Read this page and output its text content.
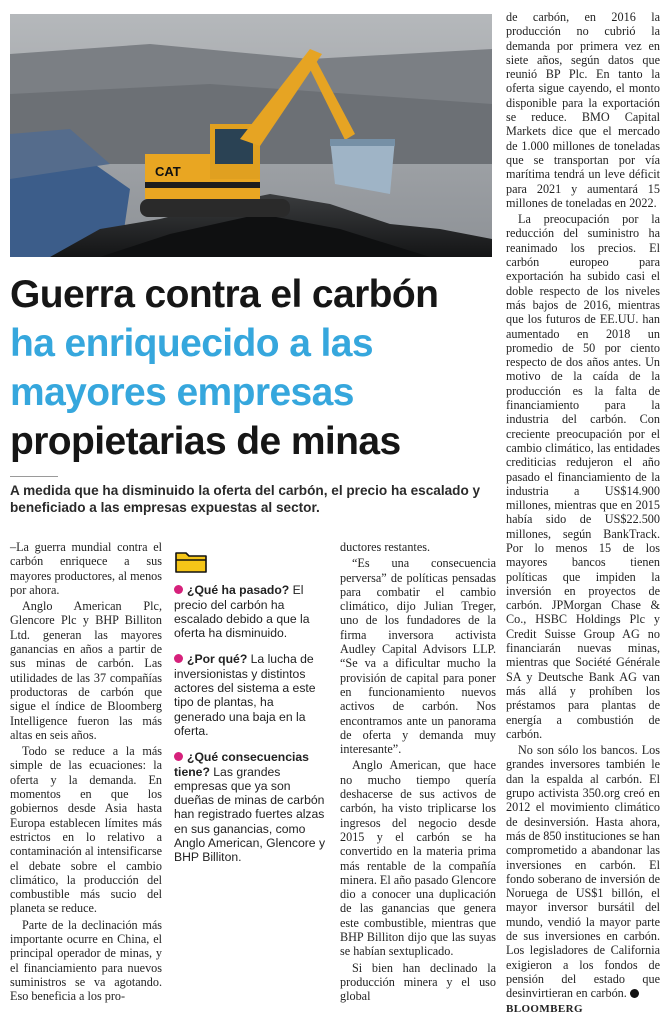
CAT
Guerra contra el carbón
ha enriquecido a las
mayores empresas
propietarias de minas

A medida que ha disminuido la oferta del carbón, el precio ha escalado y beneficiado a las empresas expuestas al sector.

–La guerra mundial contra el carbón enriquece a sus mayores productores, al menos por ahora.

Anglo American Plc, Glencore Plc y BHP Billiton Ltd. generan las mayores ganancias en años a partir de sus minas de carbón. Las utilidades de las 37 compañías productoras de carbón que sigue el índice de Bloomberg Intelligence fueron las más altas en seis años.

Todo se reduce a la más simple de las ecuaciones: la oferta y la demanda. En momentos en que los gobiernos desde Asia hasta Europa establecen límites más estrictos en lo relativo a contaminación al intensificarse el debate sobre el cambio climático, la producción del combustible más sucio del planeta se reduce.

Parte de la declinación más importante ocurre en China, el principal operador de minas, y el financiamiento para nuevos suministros se va agotando. Eso beneficia a los pro-

¿Qué ha pasado? El precio del carbón ha escalado debido a que la oferta ha disminuido.
¿Por qué? La lucha de inversionistas y distintos actores del sistema a este tipo de plantas, ha generado una baja en la oferta.
¿Qué consecuencias tiene? Las grandes empresas que ya son dueñas de minas de carbón han registrado fuertes alzas en sus ganancias, como Anglo American, Glencore y BHP Billiton.

ductores restantes.

“Es una consecuencia perversa” de políticas pensadas para combatir el cambio climático, dijo Julian Treger, uno de los fundadores de la firma inversora activista Audley Capital Advisors LLP. “Se va a dificultar mucho la provisión de capital para poner en funcionamiento nuevos activos de carbón. Nos encontramos ante un panorama de oferta y demanda muy interesante”.

Anglo American, que hace no mucho tiempo quería deshacerse de sus activos de carbón, ha visto triplicarse los ingresos del negocio desde 2015 y el carbón se ha convertido en la materia prima más rentable de la compañía minera. El año pasado Glencore dio a conocer una duplicación de las ganancias que genera este combustible, mientras que BHP Billiton dijo que las suyas se habían sextuplicado.

Si bien han declinado la producción minera y el uso global

de carbón, en 2016 la producción no cubrió la demanda por primera vez en siete años, según datos que reunió BP Plc. En tanto la oferta sigue cayendo, el monto disponible para la exportación se reduce. BMO Capital Markets dice que el mercado de 1.000 millones de toneladas que se transportan por vía marítima tendrá un leve déficit para 2021 y aumentará 15 millones de toneladas en 2022.

La preocupación por la reducción del suministro ha reanimado los precios. El carbón europeo para exportación ha subido casi el doble respecto de los niveles más bajos de 2016, mientras que los futuros de EE.UU. han aumentado en 2018 un promedio de 50 por ciento respecto de dos años antes. Un motivo de la caída de la producción es la falta de financiamiento para la industria del carbón. Con creciente preocupación por el cambio climático, las entidades crediticias redujeron el año pasado el financiamiento de la industria a US$14.900 millones, mientras que en 2015 había sido de US$22.500 millones, según BankTrack. Por lo menos 15 de los mayores bancos tienen políticas que impiden la inversión en proyectos de carbón. JPMorgan Chase & Co., HSBC Holdings Plc y Credit Suisse Group AG no financiarán nuevas minas, mientras que Société Générale SA y Deutsche Bank AG van más allá y prohíben los préstamos para plantas de energía a combustión de carbón.

No son sólo los bancos. Los grandes inversores también le dan la espalda al carbón. El grupo activista 350.org creó en 2012 el movimiento climático de desinversión. Hasta ahora, más de 850 instituciones se han comprometido a abandonar las inversiones en carbón. El fondo soberano de inversión de Noruega de US$1 billón, el mayor inversor bursátil del mundo, vendió la mayor parte de sus inversiones en carbón. Los legisladores de California exigieron a los fondos de pensión del estado que desinvirtieran en carbón.

BLOOMBERG
